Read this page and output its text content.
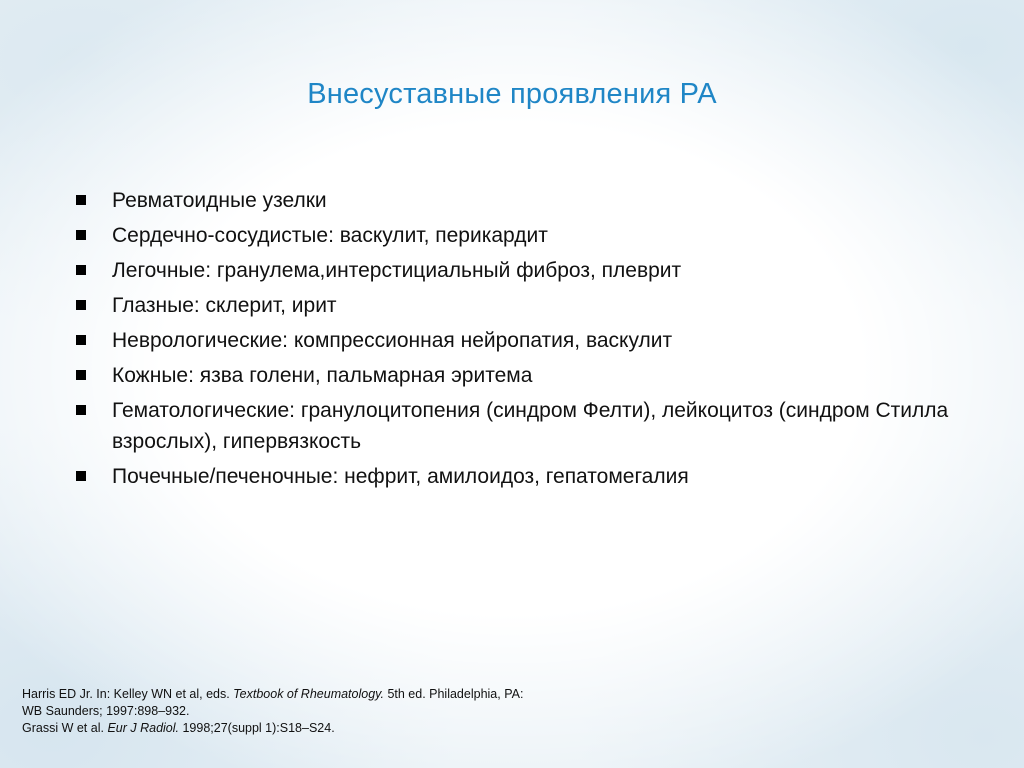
Внесуставные проявления РА
Ревматоидные узелки
Сердечно-сосудистые: васкулит, перикардит
Легочные: гранулема,интерстициальный фиброз, плеврит
Глазные: склерит, ирит
Неврологические: компрессионная нейропатия, васкулит
Кожные: язва голени, пальмарная эритема
Гематологические: гранулоцитопения (синдром Фелти), лейкоцитоз (синдром Стилла взрослых), гипервязкость
Почечные/печеночные: нефрит, амилоидоз, гепатомегалия
Harris ED Jr. In: Kelley WN et al, eds. Textbook of Rheumatology. 5th ed. Philadelphia, PA:
WB Saunders; 1997:898–932.
Grassi W et al. Eur J Radiol. 1998;27(suppl 1):S18–S24.
